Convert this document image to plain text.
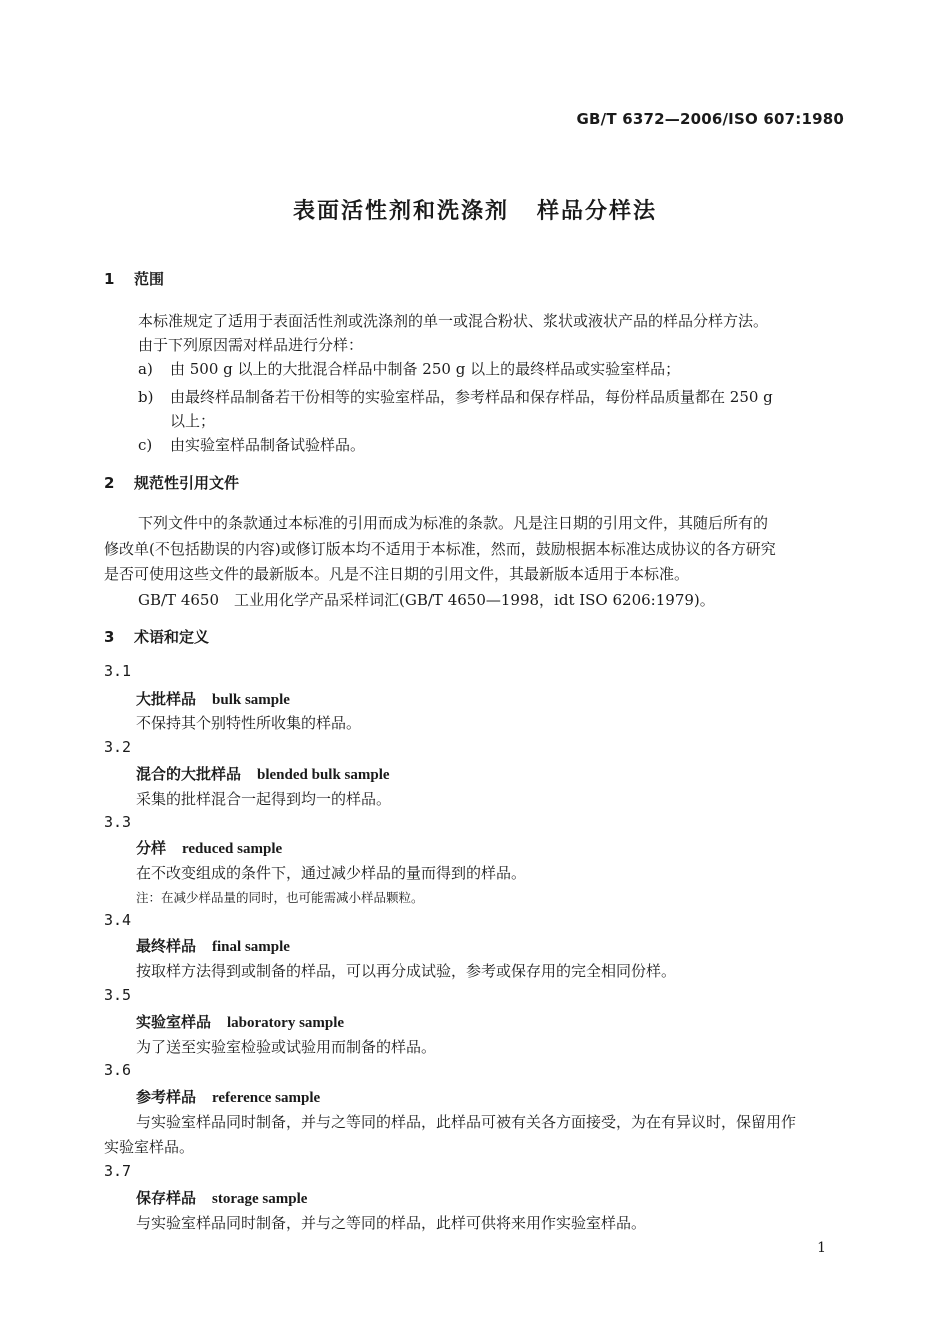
GB/T 6372—2006/ISO 607:1980
表面活性剂和洗涤剂 样品分样法
1 范围
本标准规定了适用于表面活性剂或洗涤剂的单一或混合粉状、浆状或液状产品的样品分样方法。
由于下列原因需对样品进行分样：
a) 由 500 g 以上的大批混合样品中制备 250 g 以上的最终样品或实验室样品；
b) 由最终样品制备若干份相等的实验室样品，参考样品和保存样品，每份样品质量都在 250 g
以上；
c) 由实验室样品制备试验样品。
2 规范性引用文件
下列文件中的条款通过本标准的引用而成为标准的条款。凡是注日期的引用文件，其随后所有的
修改单(不包括勘误的内容)或修订版本均不适用于本标准，然而，鼓励根据本标准达成协议的各方研究
是否可使用这些文件的最新版本。凡是不注日期的引用文件，其最新版本适用于本标准。
GB/T 4650　工业用化学产品采样词汇(GB/T 4650—1998，idt ISO 6206:1979)。
3 术语和定义
3.1
大批样品 bulk sample
不保持其个别特性所收集的样品。
3.2
混合的大批样品 blended bulk sample
采集的批样混合一起得到均一的样品。
3.3
分样 reduced sample
在不改变组成的条件下，通过减少样品的量而得到的样品。
注：在减少样品量的同时，也可能需减小样品颗粒。
3.4
最终样品 final sample
按取样方法得到或制备的样品，可以再分成试验，参考或保存用的完全相同份样。
3.5
实验室样品 laboratory sample
为了送至实验室检验或试验用而制备的样品。
3.6
参考样品 reference sample
与实验室样品同时制备，并与之等同的样品，此样品可被有关各方面接受，为在有异议时，保留用作
实验室样品。
3.7
保存样品 storage sample
与实验室样品同时制备，并与之等同的样品，此样可供将来用作实验室样品。
1
